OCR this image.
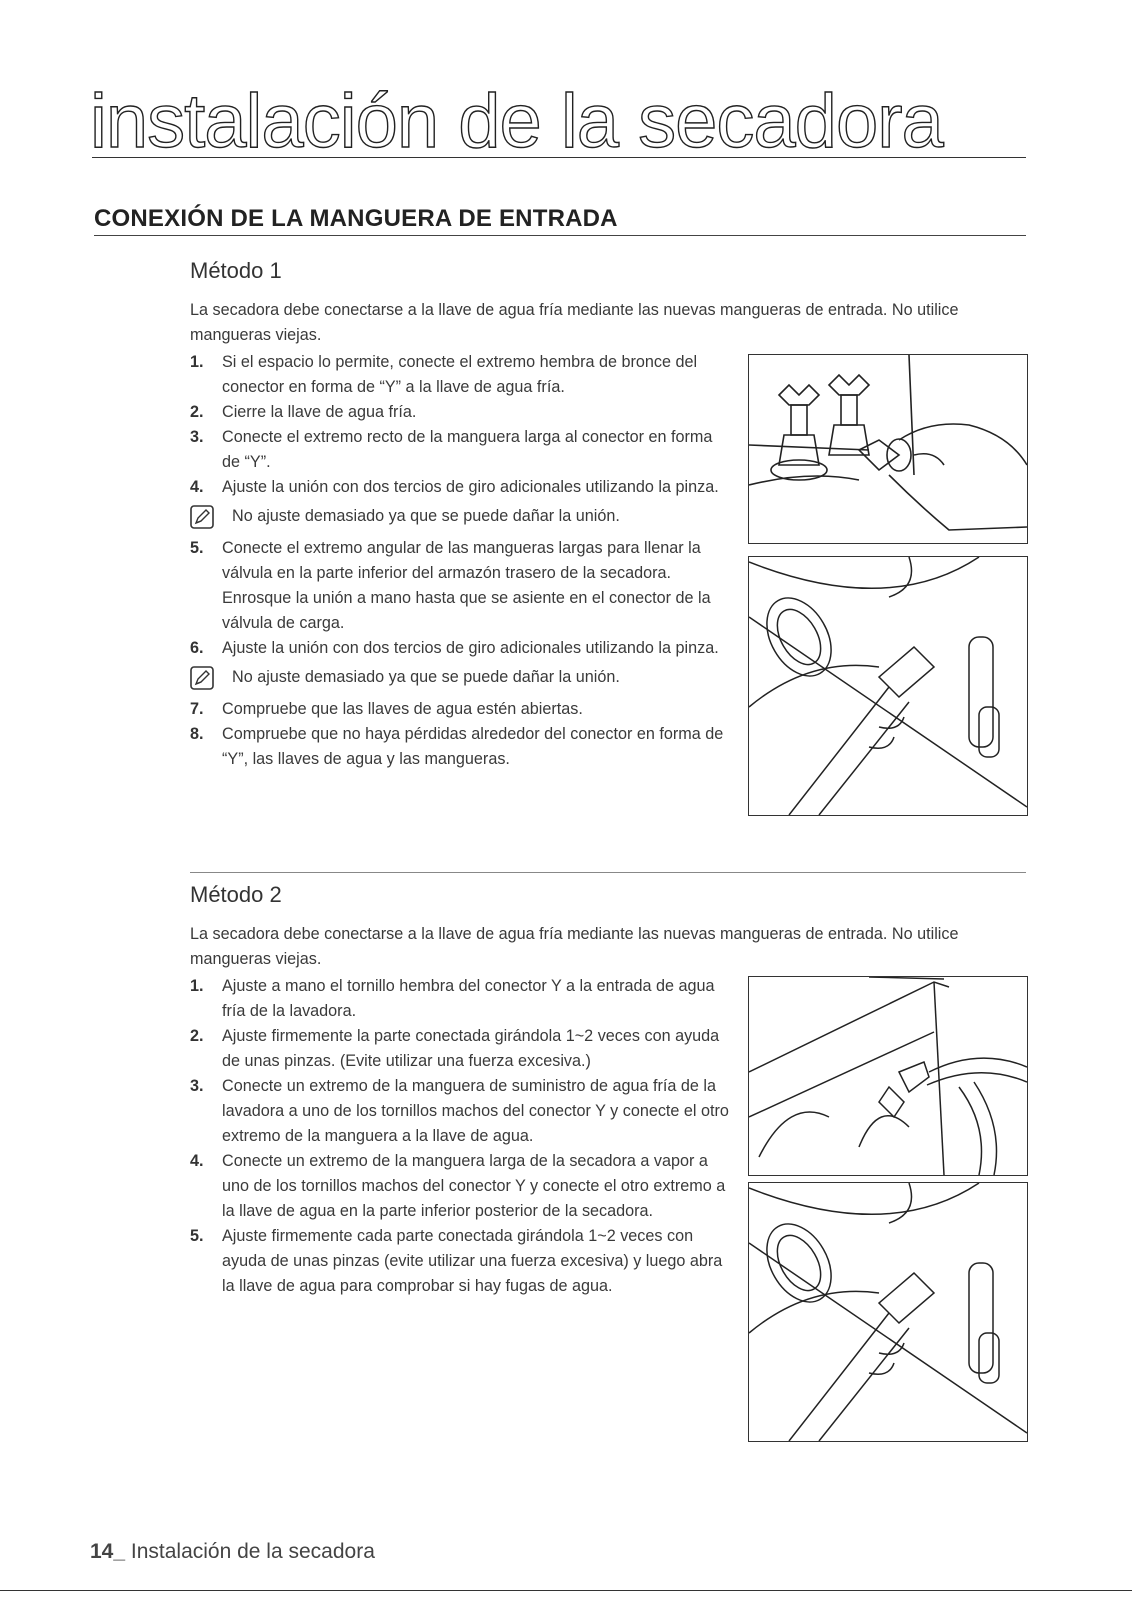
instalación de la secadora
CONEXIÓN DE LA MANGUERA DE ENTRADA
Método 1
La secadora debe conectarse a la llave de agua fría mediante las nuevas mangueras de entrada. No utilice mangueras viejas.
1. Si el espacio lo permite, conecte el extremo hembra de bronce del conector en forma de “Y” a la llave de agua fría.
2. Cierre la llave de agua fría.
3. Conecte el extremo recto de la manguera larga al conector en forma de “Y”.
4. Ajuste la unión con dos tercios de giro adicionales utilizando la pinza.
No ajuste demasiado ya que se puede dañar la unión.
5. Conecte el extremo angular de las mangueras largas para llenar la válvula en la parte inferior del armazón trasero de la secadora. Enrosque la unión a mano hasta que se asiente en el conector de la válvula de carga.
6. Ajuste la unión con dos tercios de giro adicionales utilizando la pinza.
No ajuste demasiado ya que se puede dañar la unión.
7. Compruebe que las llaves de agua estén abiertas.
8. Compruebe que no haya pérdidas alrededor del conector en forma de “Y”, las llaves de agua y las mangueras.
Método 2
La secadora debe conectarse a la llave de agua fría mediante las nuevas mangueras de entrada. No utilice mangueras viejas.
1. Ajuste a mano el tornillo hembra del conector Y a la entrada de agua fría de la lavadora.
2. Ajuste firmemente la parte conectada girándola 1~2 veces con ayuda de unas pinzas. (Evite utilizar una fuerza excesiva.)
3. Conecte un extremo de la manguera de suministro de agua fría de la lavadora a uno de los tornillos machos del conector Y y conecte el otro extremo de la manguera a la llave de agua.
4. Conecte un extremo de la manguera larga de la secadora a vapor a uno de los tornillos machos del conector Y y conecte el otro extremo a la llave de agua en la parte inferior posterior de la secadora.
5. Ajuste firmemente cada parte conectada girándola 1~2 veces con ayuda de unas pinzas (evite utilizar una fuerza excesiva) y luego abra la llave de agua para comprobar si hay fugas de agua.
14_ Instalación de la secadora
